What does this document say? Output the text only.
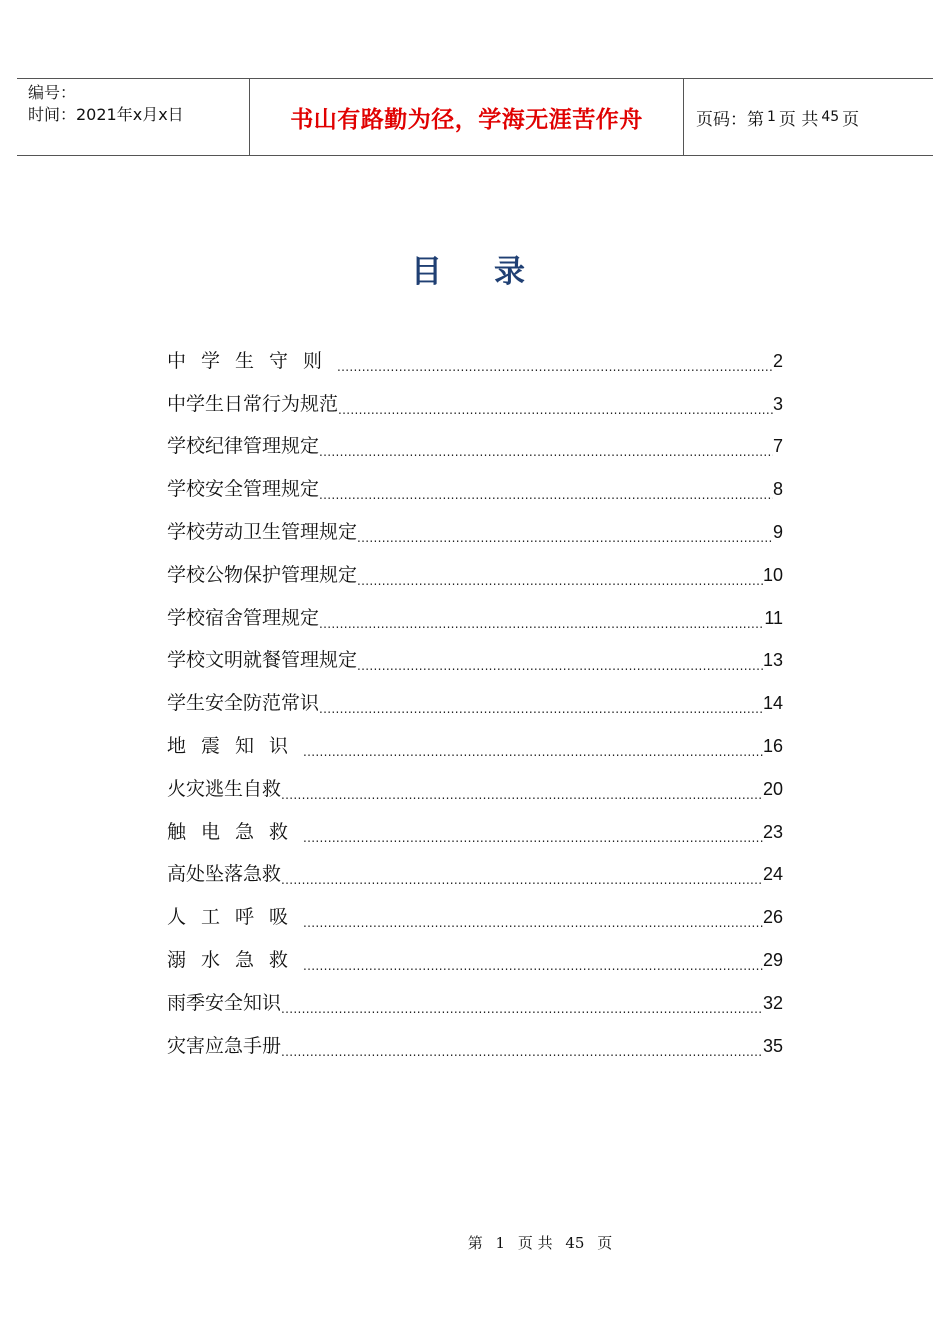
编号：
时间：2021年x月x日	书山有路勤为径，学海无涯苦作舟	页码：第 1 页 共 45 页
目录
中学生守则 .....	2
中学生日常行为规范 .....	3
学校纪律管理规定 .....	7
学校安全管理规定 .....	8
学校劳动卫生管理规定 .....	9
学校公物保护管理规定 .....	10
学校宿舍管理规定 .....	11
学校文明就餐管理规定 .....	13
学生安全防范常识 .....	14
地震知识 .....	16
火灾逃生自救 .....	20
触电急救 .....	23
高处坠落急救 .....	24
人工呼吸 .....	26
溺水急救 .....	29
雨季安全知识 .....	32
灾害应急手册 .....	35
第 1 页 共 45 页
